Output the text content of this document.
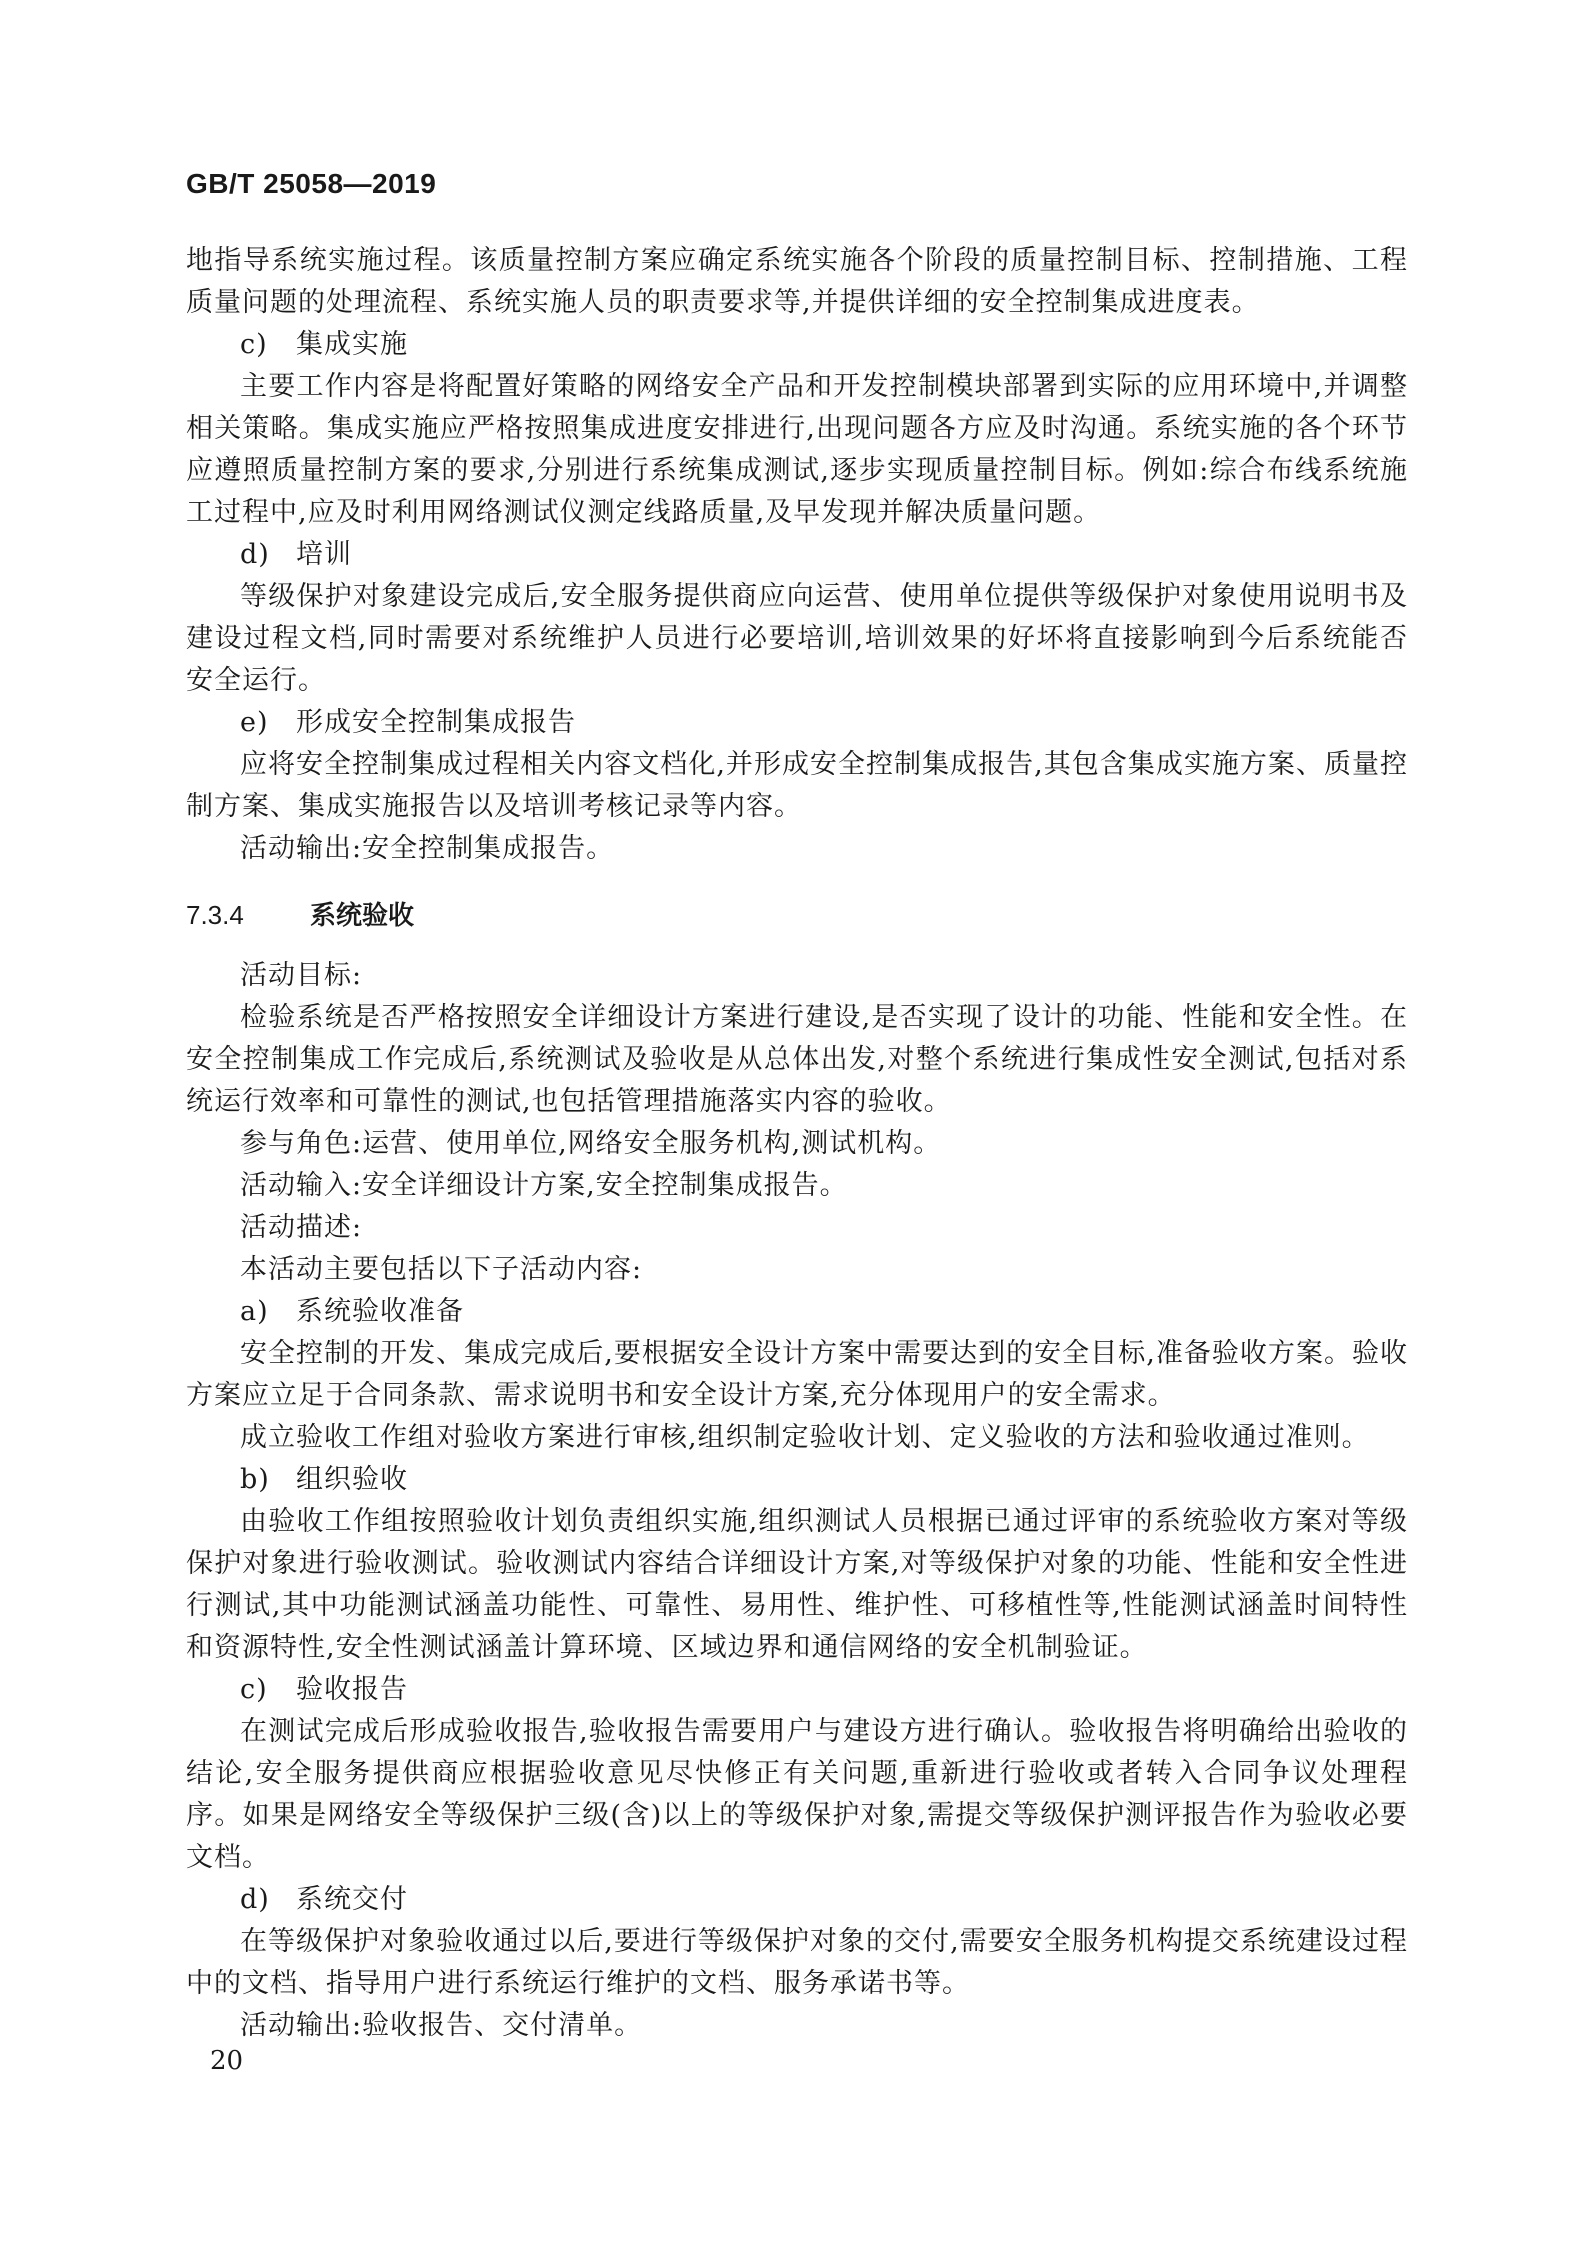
GB/T 25058—2019

地指导系统实施过程。该质量控制方案应确定系统实施各个阶段的质量控制目标、控制措施、工程质量问题的处理流程、系统实施人员的职责要求等,并提供详细的安全控制集成进度表。

c) 集成实施

主要工作内容是将配置好策略的网络安全产品和开发控制模块部署到实际的应用环境中,并调整相关策略。集成实施应严格按照集成进度安排进行,出现问题各方应及时沟通。系统实施的各个环节应遵照质量控制方案的要求,分别进行系统集成测试,逐步实现质量控制目标。例如:综合布线系统施工过程中,应及时利用网络测试仪测定线路质量,及早发现并解决质量问题。

d) 培训

等级保护对象建设完成后,安全服务提供商应向运营、使用单位提供等级保护对象使用说明书及建设过程文档,同时需要对系统维护人员进行必要培训,培训效果的好坏将直接影响到今后系统能否安全运行。

e) 形成安全控制集成报告

应将安全控制集成过程相关内容文档化,并形成安全控制集成报告,其包含集成实施方案、质量控制方案、集成实施报告以及培训考核记录等内容。

活动输出:安全控制集成报告。

7.3.4	系统验收

活动目标:

检验系统是否严格按照安全详细设计方案进行建设,是否实现了设计的功能、性能和安全性。在安全控制集成工作完成后,系统测试及验收是从总体出发,对整个系统进行集成性安全测试,包括对系统运行效率和可靠性的测试,也包括管理措施落实内容的验收。

参与角色:运营、使用单位,网络安全服务机构,测试机构。

活动输入:安全详细设计方案,安全控制集成报告。

活动描述:

本活动主要包括以下子活动内容:

a) 系统验收准备

安全控制的开发、集成完成后,要根据安全设计方案中需要达到的安全目标,准备验收方案。验收方案应立足于合同条款、需求说明书和安全设计方案,充分体现用户的安全需求。

成立验收工作组对验收方案进行审核,组织制定验收计划、定义验收的方法和验收通过准则。

b) 组织验收

由验收工作组按照验收计划负责组织实施,组织测试人员根据已通过评审的系统验收方案对等级保护对象进行验收测试。验收测试内容结合详细设计方案,对等级保护对象的功能、性能和安全性进行测试,其中功能测试涵盖功能性、可靠性、易用性、维护性、可移植性等,性能测试涵盖时间特性和资源特性,安全性测试涵盖计算环境、区域边界和通信网络的安全机制验证。

c) 验收报告

在测试完成后形成验收报告,验收报告需要用户与建设方进行确认。验收报告将明确给出验收的结论,安全服务提供商应根据验收意见尽快修正有关问题,重新进行验收或者转入合同争议处理程序。如果是网络安全等级保护三级(含)以上的等级保护对象,需提交等级保护测评报告作为验收必要文档。

d) 系统交付

在等级保护对象验收通过以后,要进行等级保护对象的交付,需要安全服务机构提交系统建设过程中的文档、指导用户进行系统运行维护的文档、服务承诺书等。

活动输出:验收报告、交付清单。

20
